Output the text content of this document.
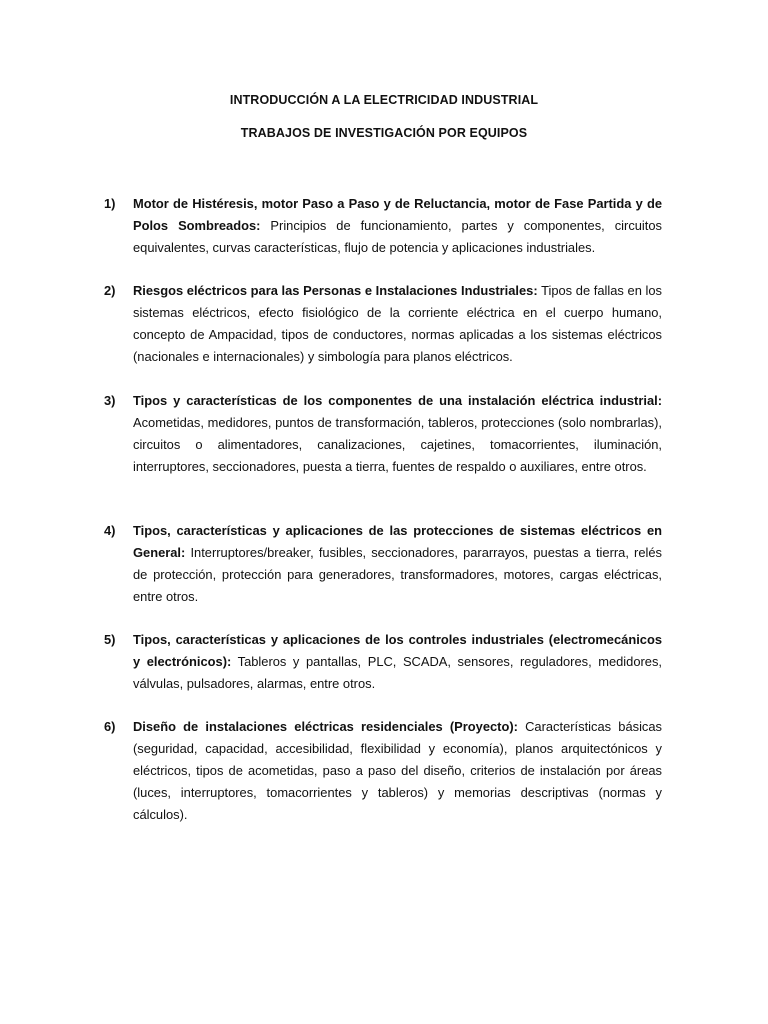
INTRODUCCIÓN A LA ELECTRICIDAD INDUSTRIAL
TRABAJOS DE INVESTIGACIÓN POR EQUIPOS
1)	Motor de Histéresis, motor Paso a Paso y de Reluctancia, motor de Fase Partida y de Polos Sombreados: Principios de funcionamiento, partes y componentes, circuitos equivalentes, curvas características, flujo de potencia y aplicaciones industriales.
2)	Riesgos eléctricos para las Personas e Instalaciones Industriales: Tipos de fallas en los sistemas eléctricos, efecto fisiológico de la corriente eléctrica en el cuerpo humano, concepto de Ampacidad, tipos de conductores, normas aplicadas a los sistemas eléctricos (nacionales e internacionales) y simbología para planos eléctricos.
3)	Tipos y características de los componentes de una instalación eléctrica industrial: Acometidas, medidores, puntos de transformación, tableros, protecciones (solo nombrarlas), circuitos o alimentadores, canalizaciones, cajetines, tomacorrientes, iluminación, interruptores, seccionadores, puesta a tierra, fuentes de respaldo o auxiliares, entre otros.
4)	Tipos, características y aplicaciones de las protecciones de sistemas eléctricos en General: Interruptores/breaker, fusibles, seccionadores, pararrayos, puestas a tierra, relés de protección, protección para generadores, transformadores, motores, cargas eléctricas, entre otros.
5)	Tipos, características y aplicaciones de los controles industriales (electromecánicos y electrónicos): Tableros y pantallas, PLC, SCADA, sensores, reguladores, medidores, válvulas, pulsadores, alarmas, entre otros.
6)	Diseño de instalaciones eléctricas residenciales (Proyecto): Características básicas (seguridad, capacidad, accesibilidad, flexibilidad y economía), planos arquitectónicos y eléctricos, tipos de acometidas, paso a paso del diseño, criterios de instalación por áreas (luces, interruptores, tomacorrientes y tableros) y memorias descriptivas (normas y cálculos).
